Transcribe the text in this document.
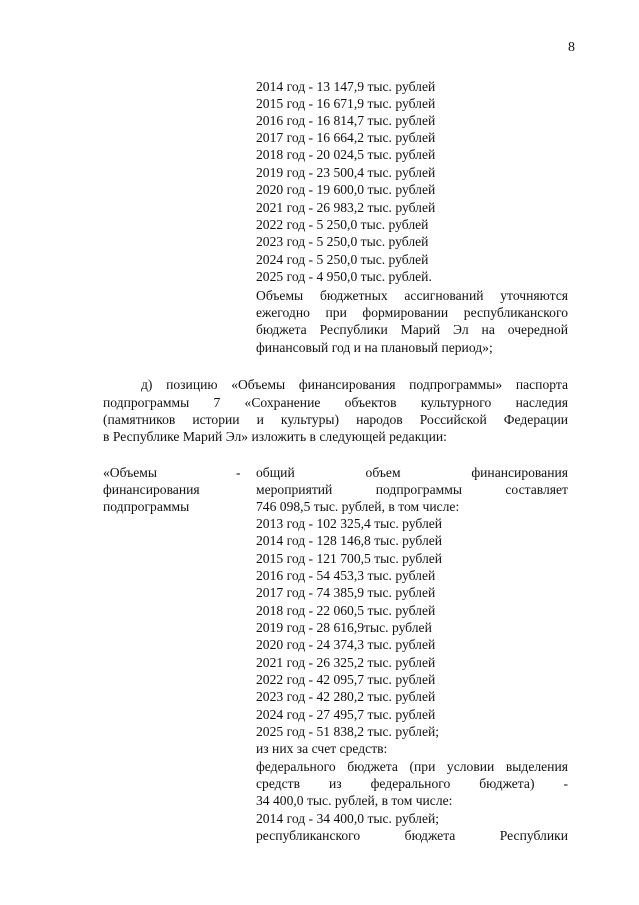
8
2014 год - 13 147,9 тыс. рублей
2015 год - 16 671,9 тыс. рублей
2016 год - 16 814,7 тыс. рублей
2017 год - 16 664,2 тыс. рублей
2018 год - 20 024,5 тыс. рублей
2019 год - 23 500,4 тыс. рублей
2020 год - 19 600,0 тыс. рублей
2021 год - 26 983,2 тыс. рублей
2022 год - 5 250,0 тыс. рублей
2023 год - 5 250,0 тыс. рублей
2024 год - 5 250,0 тыс. рублей
2025 год - 4 950,0 тыс. рублей.
Объемы бюджетных ассигнований уточняются
ежегодно при формировании республиканского
бюджета Республики Марий Эл на очередной
финансовый год и на плановый период»;
д) позицию «Объемы финансирования подпрограммы» паспорта
подпрограммы 7 «Сохранение объектов культурного наследия
(памятников истории и культуры) народов Российской Федерации
в Республике Марий Эл» изложить в следующей редакции:
«Объемы
финансирования
подпрограммы
- общий объем финансирования
мероприятий подпрограммы составляет
746 098,5 тыс. рублей, в том числе:
2013 год - 102 325,4 тыс. рублей
2014 год - 128 146,8 тыс. рублей
2015 год - 121 700,5 тыс. рублей
2016 год - 54 453,3 тыс. рублей
2017 год - 74 385,9 тыс. рублей
2018 год - 22 060,5 тыс. рублей
2019 год - 28 616,9тыс. рублей
2020 год - 24 374,3 тыс. рублей
2021 год - 26 325,2 тыс. рублей
2022 год - 42 095,7 тыс. рублей
2023 год - 42 280,2 тыс. рублей
2024 год - 27 495,7 тыс. рублей
2025 год - 51 838,2 тыс. рублей;
из них за счет средств:
федерального бюджета (при условии выделения
средств из федерального бюджета) -
34 400,0 тыс. рублей, в том числе:
2014 год - 34 400,0 тыс. рублей;
республиканского бюджета Республики
